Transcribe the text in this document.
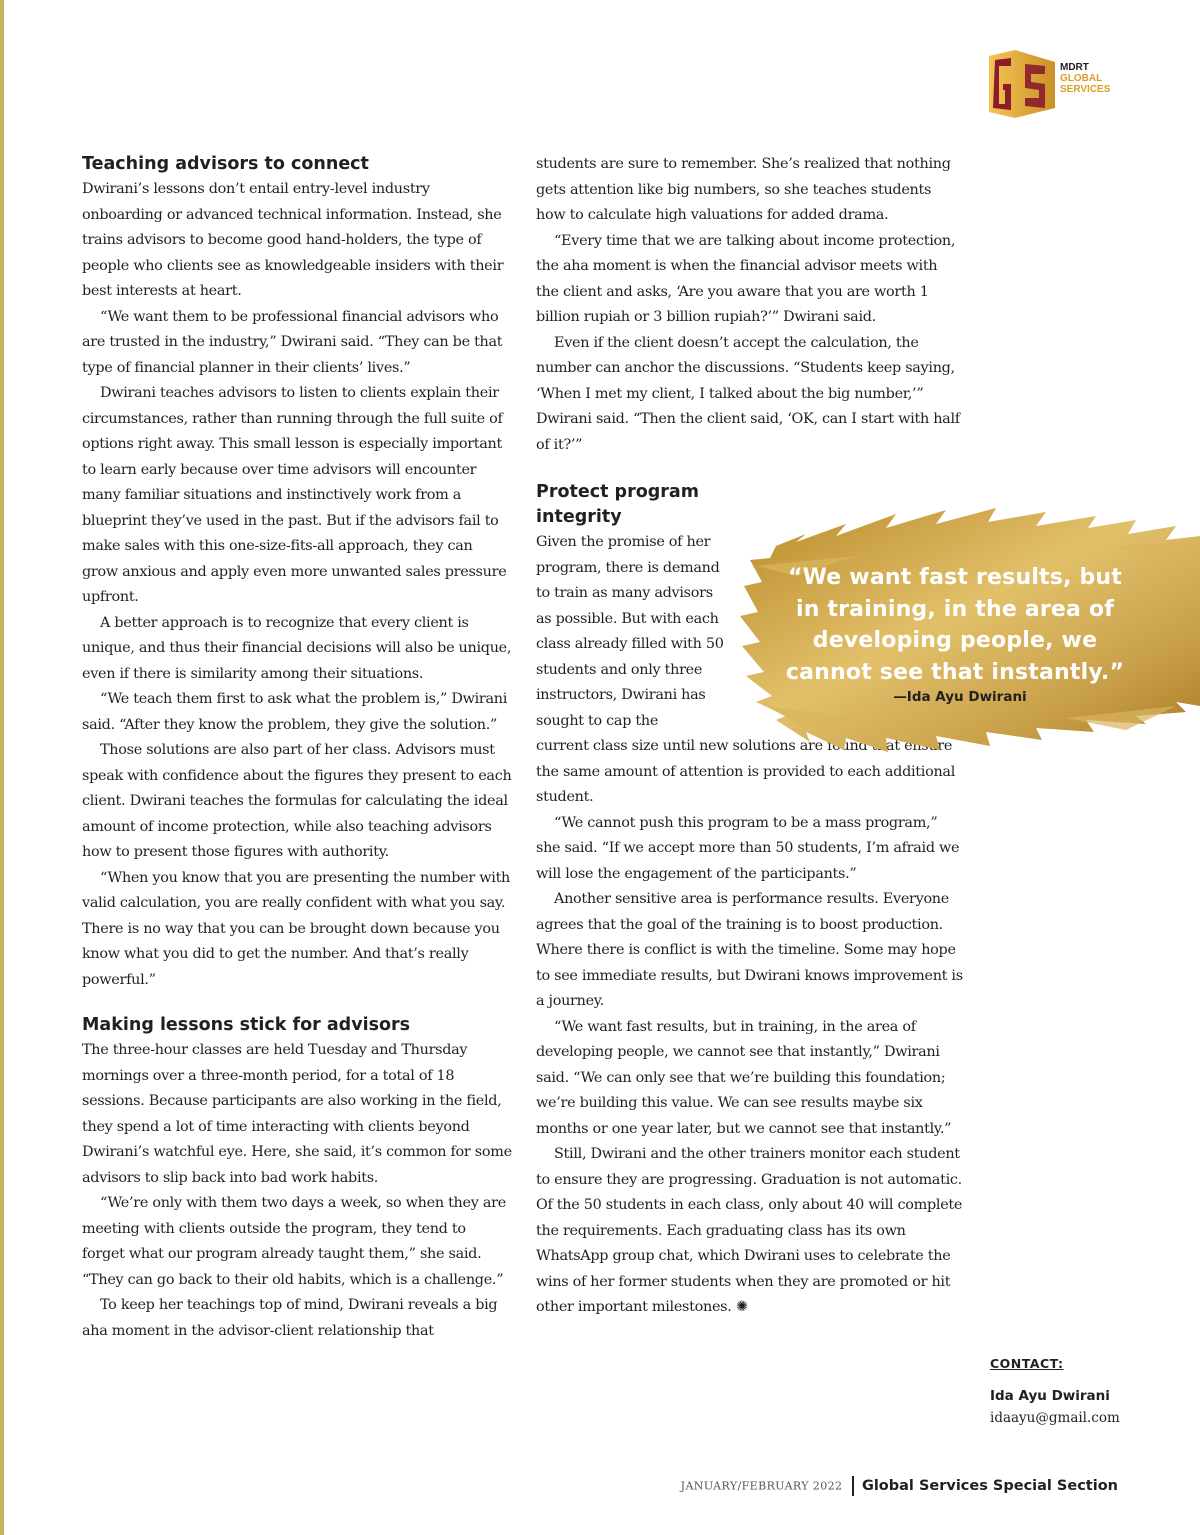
MDRT
GLOBAL
SERVICES
Teaching advisors to connect

Dwirani’s lessons don’t entail entry-level industry onboarding or advanced technical information. Instead, she trains advisors to become good hand-holders, the type of people who clients see as knowledgeable insiders with their best interests at heart.

“We want them to be professional financial advisors who are trusted in the industry,” Dwirani said. “They can be that type of financial planner in their clients’ lives.”

Dwirani teaches advisors to listen to clients explain their circumstances, rather than running through the full suite of options right away. This small lesson is especially important to learn early because over time advisors will encounter many familiar situations and instinctively work from a blueprint they’ve used in the past. But if the advisors fail to make sales with this one-size-fits-all approach, they can grow anxious and apply even more unwanted sales pressure upfront.

A better approach is to recognize that every client is unique, and thus their financial decisions will also be unique, even if there is similarity among their situations.

“We teach them first to ask what the problem is,” Dwirani said. “After they know the problem, they give the solution.”

Those solutions are also part of her class. Advisors must speak with confidence about the figures they present to each client. Dwirani teaches the formulas for calculating the ideal amount of income protection, while also teaching advisors how to present those figures with authority.

“When you know that you are presenting the number with valid calculation, you are really confident with what you say. There is no way that you can be brought down because you know what you did to get the number. And that’s really powerful.”

Making lessons stick for advisors

The three-hour classes are held Tuesday and Thursday mornings over a three-month period, for a total of 18 sessions. Because participants are also working in the field, they spend a lot of time interacting with clients beyond Dwirani’s watchful eye. Here, she said, it’s common for some advisors to slip back into bad work habits.

“We’re only with them two days a week, so when they are meeting with clients outside the program, they tend to forget what our program already taught them,” she said. “They can go back to their old habits, which is a challenge.”

To keep her teachings top of mind, Dwirani reveals a big aha moment in the advisor-client relationship that

students are sure to remember. She’s realized that nothing gets attention like big numbers, so she teaches students how to calculate high valuations for added drama.

“Every time that we are talking about income protection, the aha moment is when the financial advisor meets with the client and asks, ‘Are you aware that you are worth 1 billion rupiah or 3 billion rupiah?’” Dwirani said.

Even if the client doesn’t accept the calculation, the number can anchor the discussions. “Students keep saying, ‘When I met my client, I talked about the big number,’” Dwirani said. “Then the client said, ‘OK, can I start with half of it?’”

Protect program integrity

Given the promise of her program, there is demand to train as many advisors as possible. But with each class already filled with 50 students and only three instructors, Dwirani has sought to cap the

current class size until new solutions are found that ensure the same amount of attention is provided to each additional student.

“We cannot push this program to be a mass program,” she said. “If we accept more than 50 students, I’m afraid we will lose the engagement of the participants.”

Another sensitive area is performance results. Everyone agrees that the goal of the training is to boost production. Where there is conflict is with the timeline. Some may hope to see immediate results, but Dwirani knows improvement is a journey.

“We want fast results, but in training, in the area of developing people, we cannot see that instantly,” Dwirani said. “We can only see that we’re building this foundation; we’re building this value. We can see results maybe six months or one year later, but we cannot see that instantly.”

Still, Dwirani and the other trainers monitor each student to ensure they are progressing. Graduation is not automatic. Of the 50 students in each class, only about 40 will complete the requirements. Each graduating class has its own WhatsApp group chat, which Dwirani uses to celebrate the wins of her former students when they are promoted or hit other important milestones. ✺

“We want fast results, but in training, in the area of developing people, we cannot see that instantly.”
—Ida Ayu Dwirani
CONTACT:
Ida Ayu Dwirani
idaayu@gmail.com
JANUARY/FEBRUARY 2022 Global Services Special Section
